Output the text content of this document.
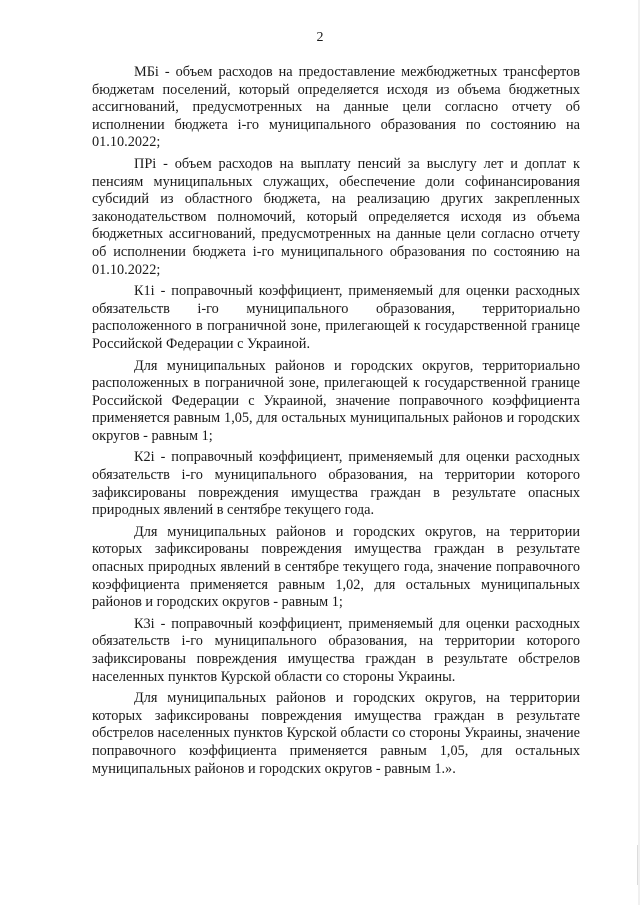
2

МБi - объем расходов на предоставление межбюджетных трансфертов бюджетам поселений, который определяется исходя из объема бюджетных ассигнований, предусмотренных на данные цели согласно отчету об исполнении бюджета i-го муниципального образования по состоянию на 01.10.2022;

ПРi - объем расходов на выплату пенсий за выслугу лет и доплат к пенсиям муниципальных служащих, обеспечение доли софинансирования субсидий из областного бюджета, на реализацию других закрепленных законодательством полномочий, который определяется исходя из объема бюджетных ассигнований, предусмотренных на данные цели согласно отчету об исполнении бюджета i-го муниципального образования по состоянию на 01.10.2022;

К1i - поправочный коэффициент, применяемый для оценки расходных обязательств i-го муниципального образования, территориально расположенного в пограничной зоне, прилегающей к государственной границе Российской Федерации с Украиной.

Для муниципальных районов и городских округов, территориально расположенных в пограничной зоне, прилегающей к государственной границе Российской Федерации с Украиной, значение поправочного коэффициента применяется равным 1,05, для остальных муниципальных районов и городских округов - равным 1;

К2i - поправочный коэффициент, применяемый для оценки расходных обязательств i-го муниципального образования, на территории которого зафиксированы повреждения имущества граждан в результате опасных природных явлений в сентябре текущего года.

Для муниципальных районов и городских округов, на территории которых зафиксированы повреждения имущества граждан в результате опасных природных явлений в сентябре текущего года, значение поправочного коэффициента применяется равным 1,02, для остальных муниципальных районов и городских округов - равным 1;

К3i - поправочный коэффициент, применяемый для оценки расходных обязательств i-го муниципального образования, на территории которого зафиксированы повреждения имущества граждан в результате обстрелов населенных пунктов Курской области со стороны Украины.

Для муниципальных районов и городских округов, на территории которых зафиксированы повреждения имущества граждан в результате обстрелов населенных пунктов Курской области со стороны Украины, значение поправочного коэффициента применяется равным 1,05, для остальных муниципальных районов и городских округов - равным 1.».
